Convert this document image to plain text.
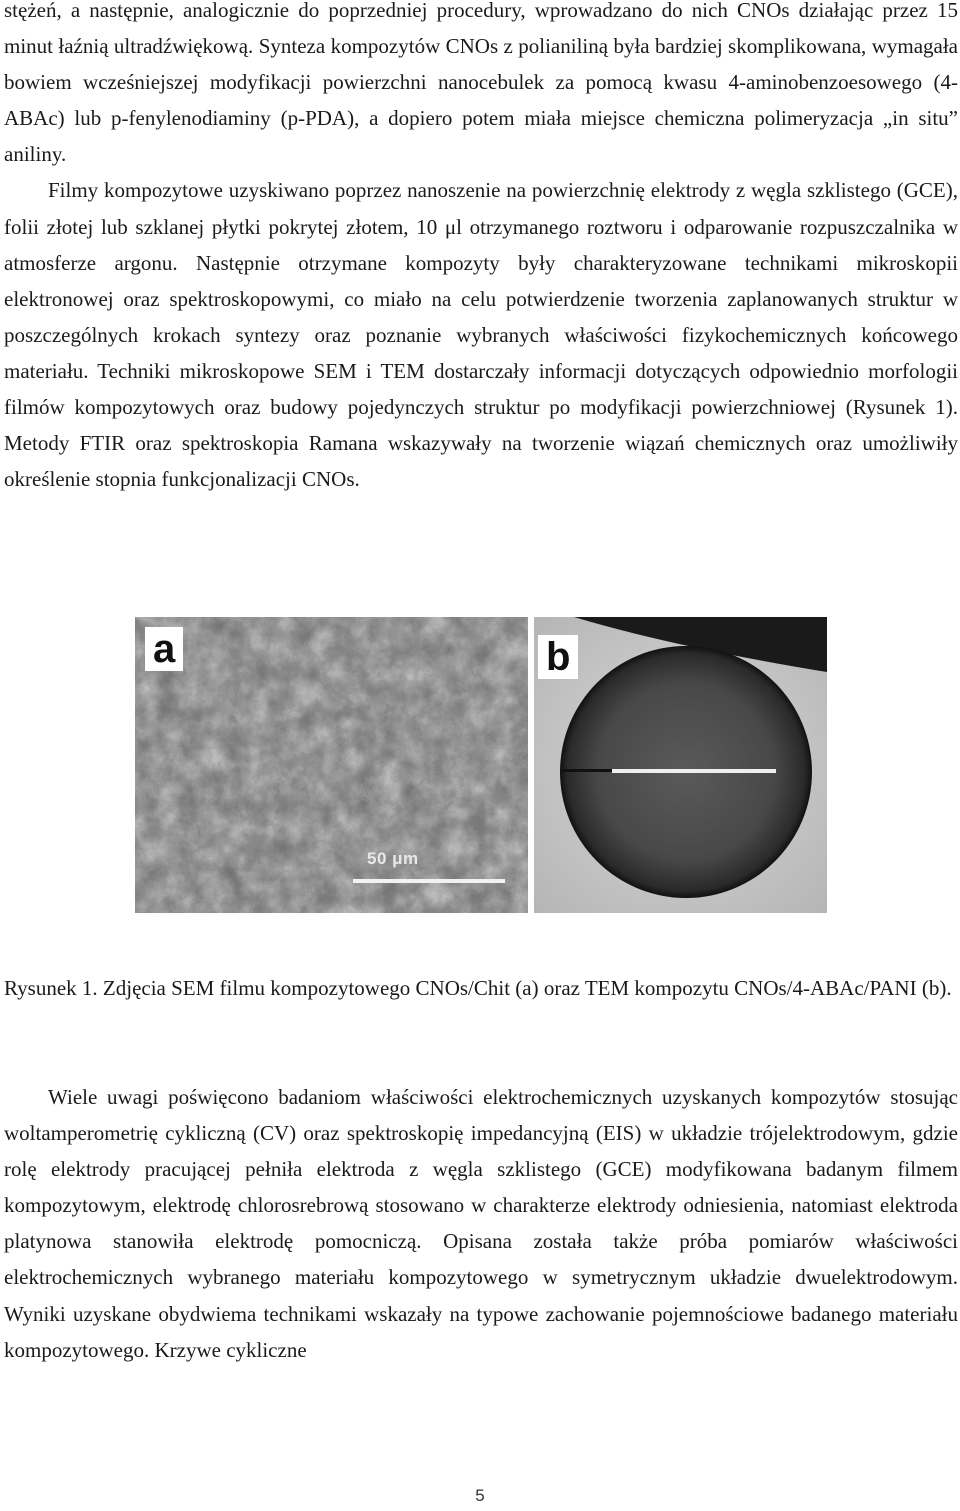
stężeń, a następnie, analogicznie do poprzedniej procedury, wprowadzano do nich CNOs działając przez 15 minut łaźnią ultradźwiękową. Synteza kompozytów CNOs z polianiliną była bardziej skomplikowana, wymagała bowiem wcześniejszej modyfikacji powierzchni nanocebulek za pomocą kwasu 4-aminobenzoesowego (4-ABAc) lub p-fenylenodiaminy (p-PDA), a dopiero potem miała miejsce chemiczna polimeryzacja „in situ” aniliny.
Filmy kompozytowe uzyskiwano poprzez nanoszenie na powierzchnię elektrody z węgla szklistego (GCE), folii złotej lub szklanej płytki pokrytej złotem, 10 μl otrzymanego roztworu i odparowanie rozpuszczalnika w atmosferze argonu. Następnie otrzymane kompozyty były charakteryzowane technikami mikroskopii elektronowej oraz spektroskopowymi, co miało na celu potwierdzenie tworzenia zaplanowanych struktur w poszczególnych krokach syntezy oraz poznanie wybranych właściwości fizykochemicznych końcowego materiału. Techniki mikroskopowe SEM i TEM dostarczały informacji dotyczących odpowiednio morfologii filmów kompozytowych oraz budowy pojedynczych struktur po modyfikacji powierzchniowej (Rysunek 1). Metody FTIR oraz spektroskopia Ramana wskazywały na tworzenie wiązań chemicznych oraz umożliwiły określenie stopnia funkcjonalizacji CNOs.

a
50 μm
b

Rysunek 1. Zdjęcia SEM filmu kompozytowego CNOs/Chit (a) oraz TEM kompozytu CNOs/4-ABAc/PANI (b).

Wiele uwagi poświęcono badaniom właściwości elektrochemicznych uzyskanych kompozytów stosując woltamperometrię cykliczną (CV) oraz spektroskopię impedancyjną (EIS) w układzie trójelektrodowym, gdzie rolę elektrody pracującej pełniła elektroda z węgla szklistego (GCE) modyfikowana badanym filmem kompozytowym, elektrodę chlorosrebrową stosowano w charakterze elektrody odniesienia, natomiast elektroda platynowa stanowiła elektrodę pomocniczą. Opisana została także próba pomiarów właściwości elektrochemicznych wybranego materiału kompozytowego w symetrycznym układzie dwuelektrodowym. Wyniki uzyskane obydwiema technikami wskazały na typowe zachowanie pojemnościowe badanego materiału kompozytowego. Krzywe cykliczne

5
